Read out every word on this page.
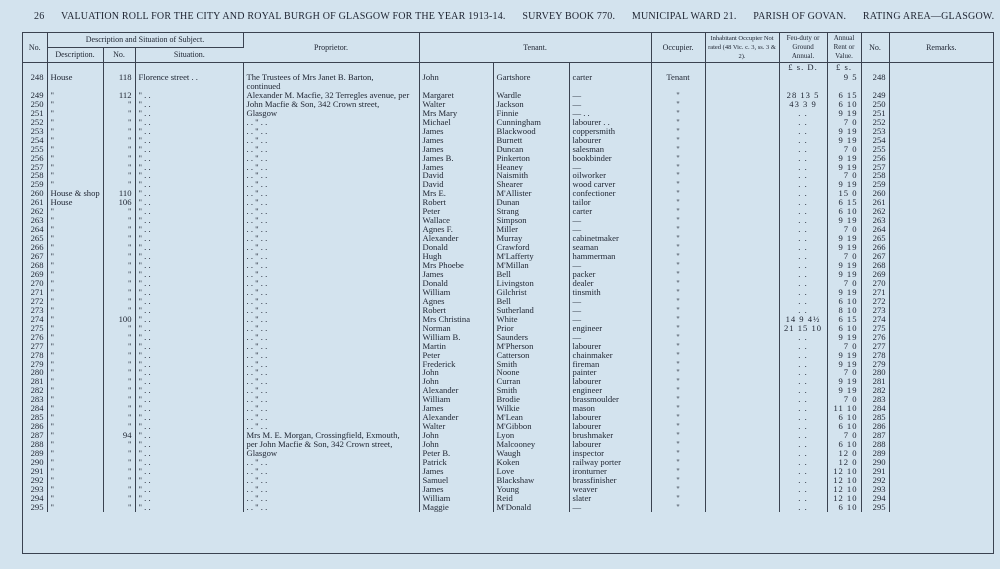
26 VALUATION ROLL FOR THE CITY AND ROYAL BURGH OF GLASGOW FOR THE YEAR 1913-14. SURVEY BOOK 770. MUNICIPAL WARD 21. PARISH OF GOVAN. RATING AREA—GLASGOW.
No.	Description and Situation of Subject.			Proprietor.	Tenant.			Occupier.	Inhabitant Occupier Not rated (48 Vic. c. 3, ss. 3 & 2).	Feu-duty or Ground Annual.	Annual Rent or Value.	No.	Remarks.
	Description.	No.	Situation.										
										£ s. D.	£ s.		
248	House	118	Florence street . .	The Trustees of Mrs Janet B. Barton,	John	Gartshore	carter	Tenant			9 5	248	
				continued									
249	"	112	" . .	Alexander M. Macfie, 32 Terregles avenue, per	Margaret	Wardle	—	"		28 13 5	6 15	249	
250	"	"	" . .	John Macfie & Son, 342 Crown street,	Walter	Jackson	—	"		43 3 9	6 10	250	
251	"	"	" . .	Glasgow	Mrs Mary	Finnie	— . .	"		. .	9 19	251	
252	"	"	" . .	. . " . .	Michael	Cunningham	labourer . .	"		. .	7 0	252	
253	"	"	" . .	. . " . .	James	Blackwood	coppersmith	"		. .	9 19	253	
254	"	"	" . .	. . " . .	James	Burnett	labourer	"		. .	9 19	254	
255	"	"	" . .	. . " . .	James	Duncan	salesman	"		. .	7 0	255	
256	"	"	" . .	. . " . .	James B.	Pinkerton	bookbinder	"		. .	9 19	256	
257	"	"	" . .	. . " . .	James	Heaney	—	"		. .	9 19	257	
258	"	"	" . .	. . " . .	David	Naismith	oilworker	"		. .	7 0	258	
259	"	"	" . .	. . " . .	David	Shearer	wood carver	"		. .	9 19	259	
260	House & shop	110	" . .	. . " . .	Mrs E.	M'Allister	confectioner	"		. .	15 0	260	
261	House	106	" . .	. . " . .	Robert	Dunan	tailor	"		. .	6 15	261	
262	"	"	" . .	. . " . .	Peter	Strang	carter	"		. .	6 10	262	
263	"	"	" . .	. . " . .	Wallace	Simpson	—	"		. .	9 19	263	
264	"	"	" . .	. . " . .	Agnes F.	Miller	—	"		. .	7 0	264	
265	"	"	" . .	. . " . .	Alexander	Murray	cabinetmaker	"		. .	9 19	265	
266	"	"	" . .	. . " . .	Donald	Crawford	seaman	"		. .	9 19	266	
267	"	"	" . .	. . " . .	Hugh	M'Lafferty	hammerman	"		. .	7 0	267	
268	"	"	" . .	. . " . .	Mrs Phoebe	M'Millan	—	"		. .	9 19	268	
269	"	"	" . .	. . " . .	James	Bell	packer	"		. .	9 19	269	
270	"	"	" . .	. . " . .	Donald	Livingston	dealer	"		. .	7 0	270	
271	"	"	" . .	. . " . .	William	Gilchrist	tinsmith	"		. .	9 19	271	
272	"	"	" . .	. . " . .	Agnes	Bell	—	"		. .	6 10	272	
273	"	"	" . .	. . " . .	Robert	Sutherland	—	"		. .	8 10	273	
274	"	100	" . .	. . " . .	Mrs Christina	White	—	"		14 9 4½	6 15	274	
275	"	"	" . .	. . " . .	Norman	Prior	engineer	"		21 15 10	6 10	275	
276	"	"	" . .	. . " . .	William B.	Saunders	—	"		. .	9 19	276	
277	"	"	" . .	. . " . .	Martin	M'Pherson	labourer	"		. .	7 0	277	
278	"	"	" . .	. . " . .	Peter	Catterson	chainmaker	"		. .	9 19	278	
279	"	"	" . .	. . " . .	Frederick	Smith	fireman	"		. .	9 19	279	
280	"	"	" . .	. . " . .	John	Noone	painter	"		. .	7 0	280	
281	"	"	" . .	. . " . .	John	Curran	labourer	"		. .	9 19	281	
282	"	"	" . .	. . " . .	Alexander	Smith	engineer	"		. .	9 19	282	
283	"	"	" . .	. . " . .	William	Brodie	brassmoulder	"		. .	7 0	283	
284	"	"	" . .	. . " . .	James	Wilkie	mason	"		. .	11 10	284	
285	"	"	" . .	. . " . .	Alexander	M'Lean	labourer	"		. .	6 10	285	
286	"	"	" . .	. . " . .	Walter	M'Gibbon	labourer	"		. .	6 10	286	
287	"	94	" . .	Mrs M. E. Morgan, Crossingfield, Exmouth,	John	Lyon	brushmaker	"		. .	7 0	287	
288	"	"	" . .	per John Macfie & Son, 342 Crown street,	John	Malcooney	labourer	"		. .	6 10	288	
289	"	"	" . .	Glasgow	Peter B.	Waugh	inspector	"		. .	12 0	289	
290	"	"	" . .	. . " . .	Patrick	Koken	railway porter	"		. .	12 0	290	
291	"	"	" . .	. . " . .	James	Love	ironturner	"		. .	12 10	291	
292	"	"	" . .	. . " . .	Samuel	Blackshaw	brassfinisher	"		. .	12 10	292	
293	"	"	" . .	. . " . .	James	Young	weaver	"		. .	12 10	293	
294	"	"	" . .	. . " . .	William	Reid	slater	"		. .	12 10	294	
295	"	"	" . .	. . " . .	Maggie	M'Donald	—	"		. .	6 10	295	
